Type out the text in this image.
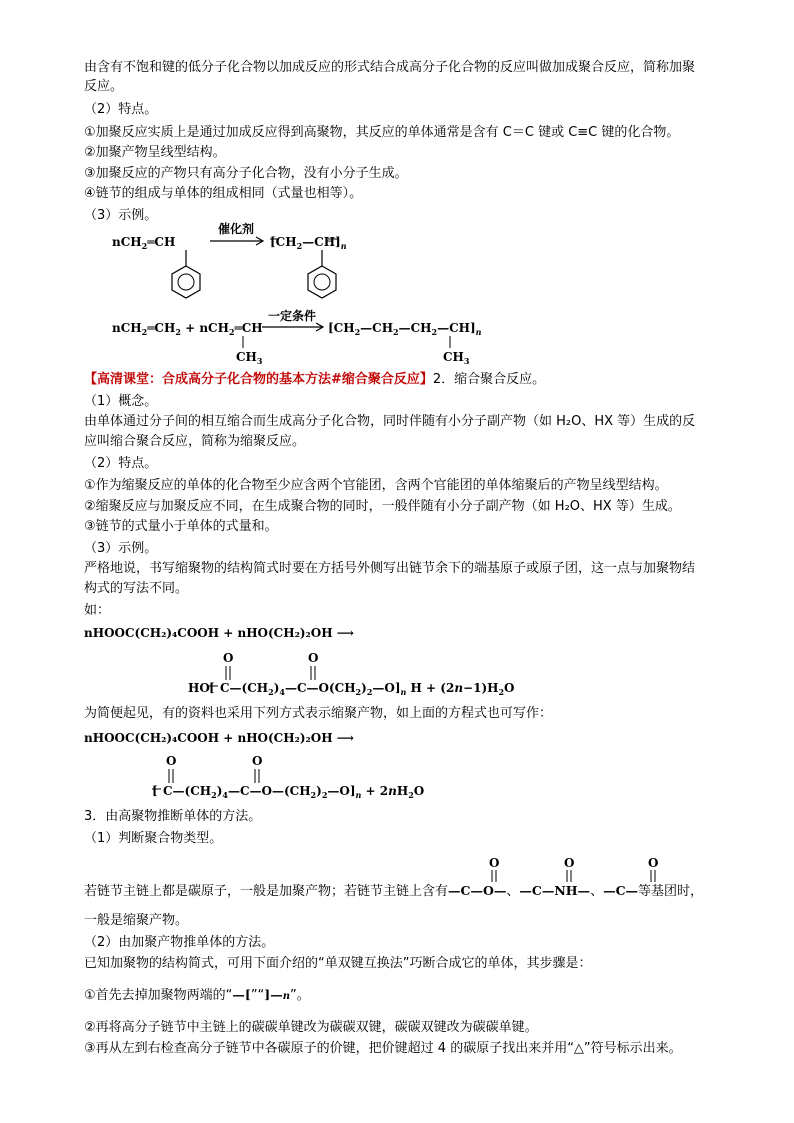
由含有不饱和键的低分子化合物以加成反应的形式结合成高分子化合物的反应叫做加成聚合反应，简称加聚
反应。
（2）特点。
①加聚反应实质上是通过加成反应得到高聚物，其反应的单体通常是含有 C＝C 键或 C≡C 键的化合物。
②加聚产物呈线型结构。
③加聚反应的产物只有高分子化合物，没有小分子生成。
④链节的组成与单体的组成相同（式量也相等）。
（3）示例。
nCH$_2$═CH
催化剂
$[CH_2—CH]_n$
$nCH_2═CH_2$ + nCH$_2$═CH
$CH_3$
一定条件
$[CH_2—CH_2—CH_2—CH]_n$
$CH_3$
【高清课堂：合成高分子化合物的基本方法#缩合聚合反应】2．缩合聚合反应。
（1）概念。
由单体通过分子间的相互缩合而生成高分子化合物，同时伴随有小分子副产物（如 H₂O、HX 等）生成的反
应叫缩合聚合反应，简称为缩聚反应。
（2）特点。
①作为缩聚反应的单体的化合物至少应含两个官能团，含两个官能团的单体缩聚后的产物呈线型结构。
②缩聚反应与加聚反应不同，在生成聚合物的同时，一般伴随有小分子副产物（如 H₂O、HX 等）生成。
③链节的式量小于单体的式量和。
（3）示例。
严格地说，书写缩聚物的结构简式时要在方括号外侧写出链节余下的端基原子或原子团，这一点与加聚物结
构式的写法不同。
如：
nHOOC(CH₂)₄COOH + nHO(CH₂)₂OH ⟶
HO [ $C—(CH_2)_4—C—O(CH_2)_2—O]_n$ $H + (2n-1)H_2O$
O	O
为简便起见，有的资料也采用下列方式表示缩聚产物，如上面的方程式也可写作：
nHOOC(CH₂)₄COOH + nHO(CH₂)₂OH ⟶
[ $C—(CH_2)_4—C—O—(CH_2)_2—O]_n + 2nH_2O$
O	O
3．由高聚物推断单体的方法。
（1）判断聚合物类型。
若链节主链上都是碳原子，一般是加聚产物；若链节主链上含有—C—O—、—C—NH—、—C—等基团时，
O	O	O
一般是缩聚产物。
（2）由加聚产物推单体的方法。
已知加聚物的结构简式，可用下面介绍的“单双键互换法”巧断合成它的单体，其步骤是：
①首先去掉加聚物两端的“—[”“]—n”。
②再将高分子链节中主链上的碳碳单键改为碳碳双键，碳碳双键改为碳碳单键。
③再从左到右检查高分子链节中各碳原子的价键，把价键超过 4 的碳原子找出来并用“△”符号标示出来。
